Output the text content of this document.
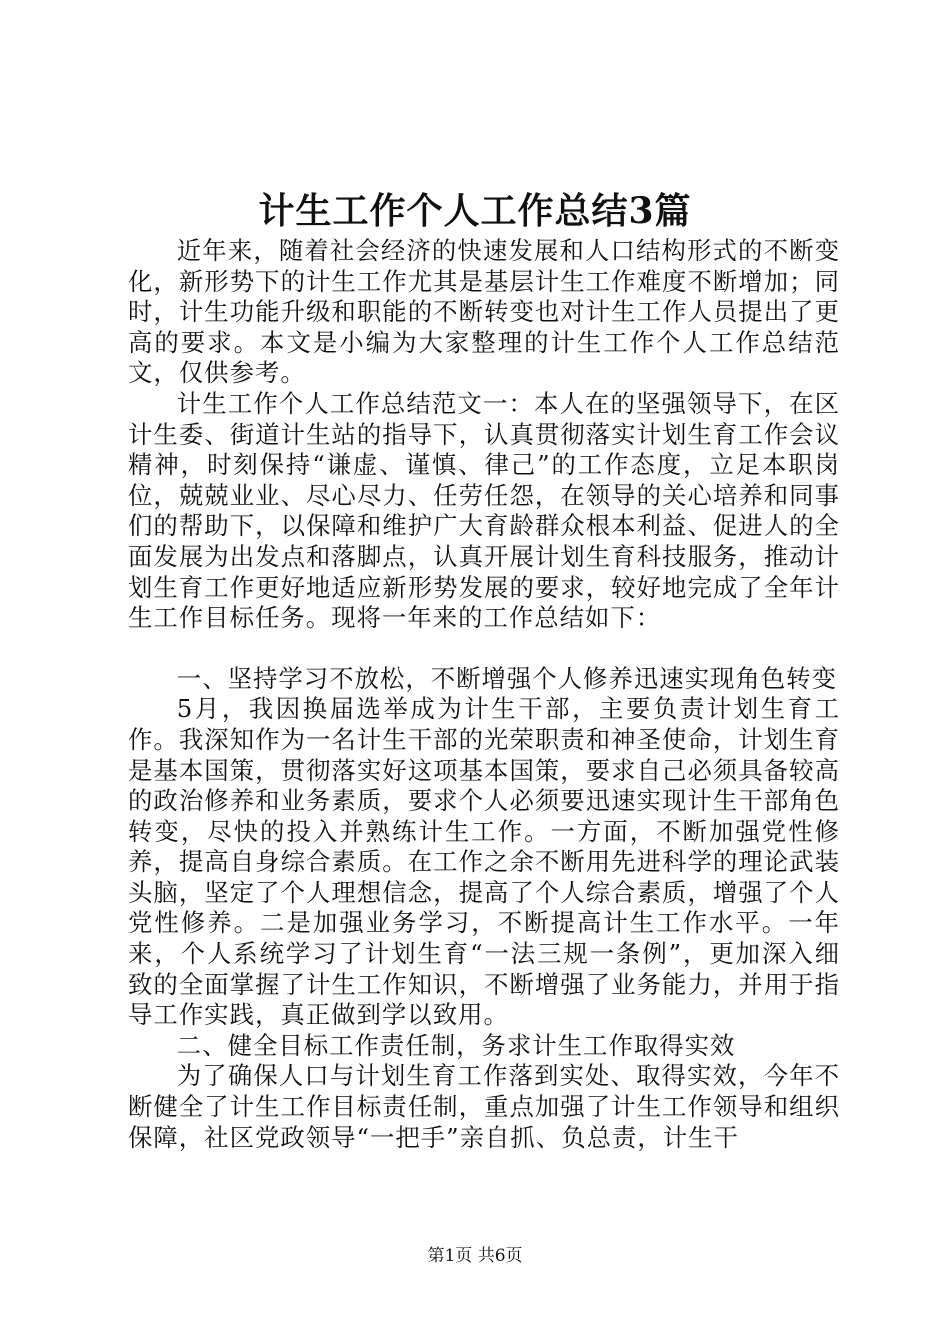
计生工作个人工作总结3篇

近年来，随着社会经济的快速发展和人口结构形式的不断变化，新形势下的计生工作尤其是基层计生工作难度不断增加；同时，计生功能升级和职能的不断转变也对计生工作人员提出了更高的要求。本文是小编为大家整理的计生工作个人工作总结范文，仅供参考。

计生工作个人工作总结范文一：本人在的坚强领导下，在区计生委、街道计生站的指导下，认真贯彻落实计划生育工作会议精神，时刻保持“谦虚、谨慎、律己”的工作态度，立足本职岗位，兢兢业业、尽心尽力、任劳任怨，在领导的关心培养和同事们的帮助下，以保障和维护广大育龄群众根本利益、促进人的全面发展为出发点和落脚点，认真开展计划生育科技服务，推动计划生育工作更好地适应新形势发展的要求，较好地完成了全年计生工作目标任务。现将一年来的工作总结如下：

一、坚持学习不放松，不断增强个人修养迅速实现角色转变

5月，我因换届选举成为计生干部，主要负责计划生育工作。我深知作为一名计生干部的光荣职责和神圣使命，计划生育是基本国策，贯彻落实好这项基本国策，要求自己必须具备较高的政治修养和业务素质，要求个人必须要迅速实现计生干部角色转变，尽快的投入并熟练计生工作。一方面，不断加强党性修养，提高自身综合素质。在工作之余不断用先进科学的理论武装头脑，坚定了个人理想信念，提高了个人综合素质，增强了个人党性修养。二是加强业务学习，不断提高计生工作水平。一年来，个人系统学习了计划生育“一法三规一条例”，更加深入细致的全面掌握了计生工作知识，不断增强了业务能力，并用于指导工作实践，真正做到学以致用。

二、健全目标工作责任制，务求计生工作取得实效

为了确保人口与计划生育工作落到实处、取得实效，今年不断健全了计生工作目标责任制，重点加强了计生工作领导和组织保障，社区党政领导“一把手”亲自抓、负总责，计生干

第1页 共6页
